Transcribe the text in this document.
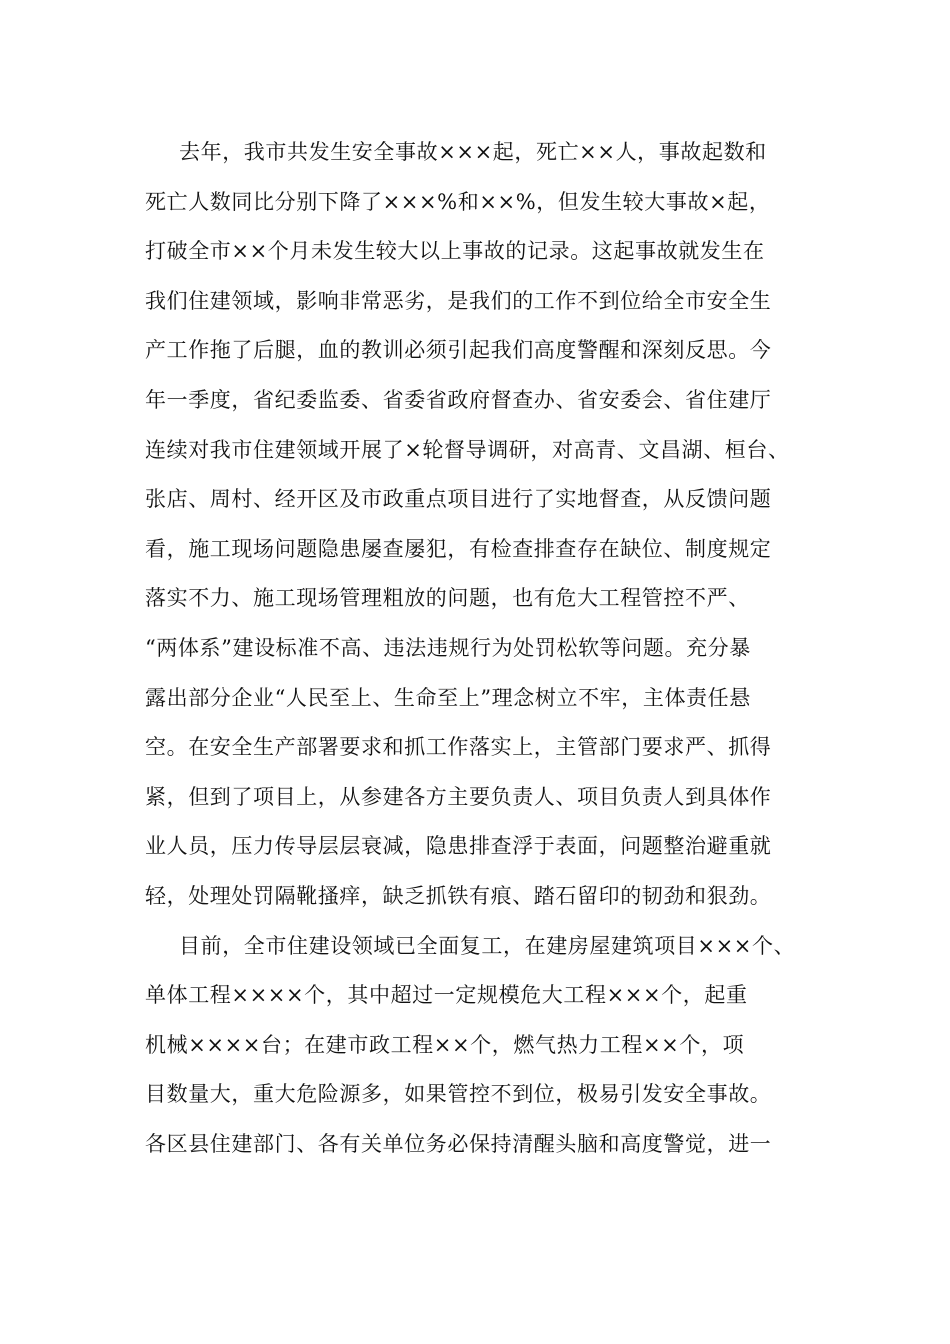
去年，我市共发生安全事故×××起，死亡××人，事故起数和
死亡人数同比分别下降了×××%和××%，但发生较大事故×起，
打破全市××个月未发生较大以上事故的记录。这起事故就发生在
我们住建领域，影响非常恶劣，是我们的工作不到位给全市安全生
产工作拖了后腿，血的教训必须引起我们高度警醒和深刻反思。今
年一季度，省纪委监委、省委省政府督查办、省安委会、省住建厅
连续对我市住建领域开展了×轮督导调研，对高青、文昌湖、桓台、
张店、周村、经开区及市政重点项目进行了实地督查，从反馈问题
看，施工现场问题隐患屡查屡犯，有检查排查存在缺位、制度规定
落实不力、施工现场管理粗放的问题，也有危大工程管控不严、
“两体系”建设标准不高、违法违规行为处罚松软等问题。充分暴
露出部分企业“人民至上、生命至上”理念树立不牢，主体责任悬
空。在安全生产部署要求和抓工作落实上，主管部门要求严、抓得
紧，但到了项目上，从参建各方主要负责人、项目负责人到具体作
业人员，压力传导层层衰减，隐患排查浮于表面，问题整治避重就
轻，处理处罚隔靴搔痒，缺乏抓铁有痕、踏石留印的韧劲和狠劲。
目前，全市住建设领域已全面复工，在建房屋建筑项目×××个、
单体工程××××个，其中超过一定规模危大工程×××个，起重
机械××××台；在建市政工程××个，燃气热力工程××个，项
目数量大，重大危险源多，如果管控不到位，极易引发安全事故。
各区县住建部门、各有关单位务必保持清醒头脑和高度警觉，进一
